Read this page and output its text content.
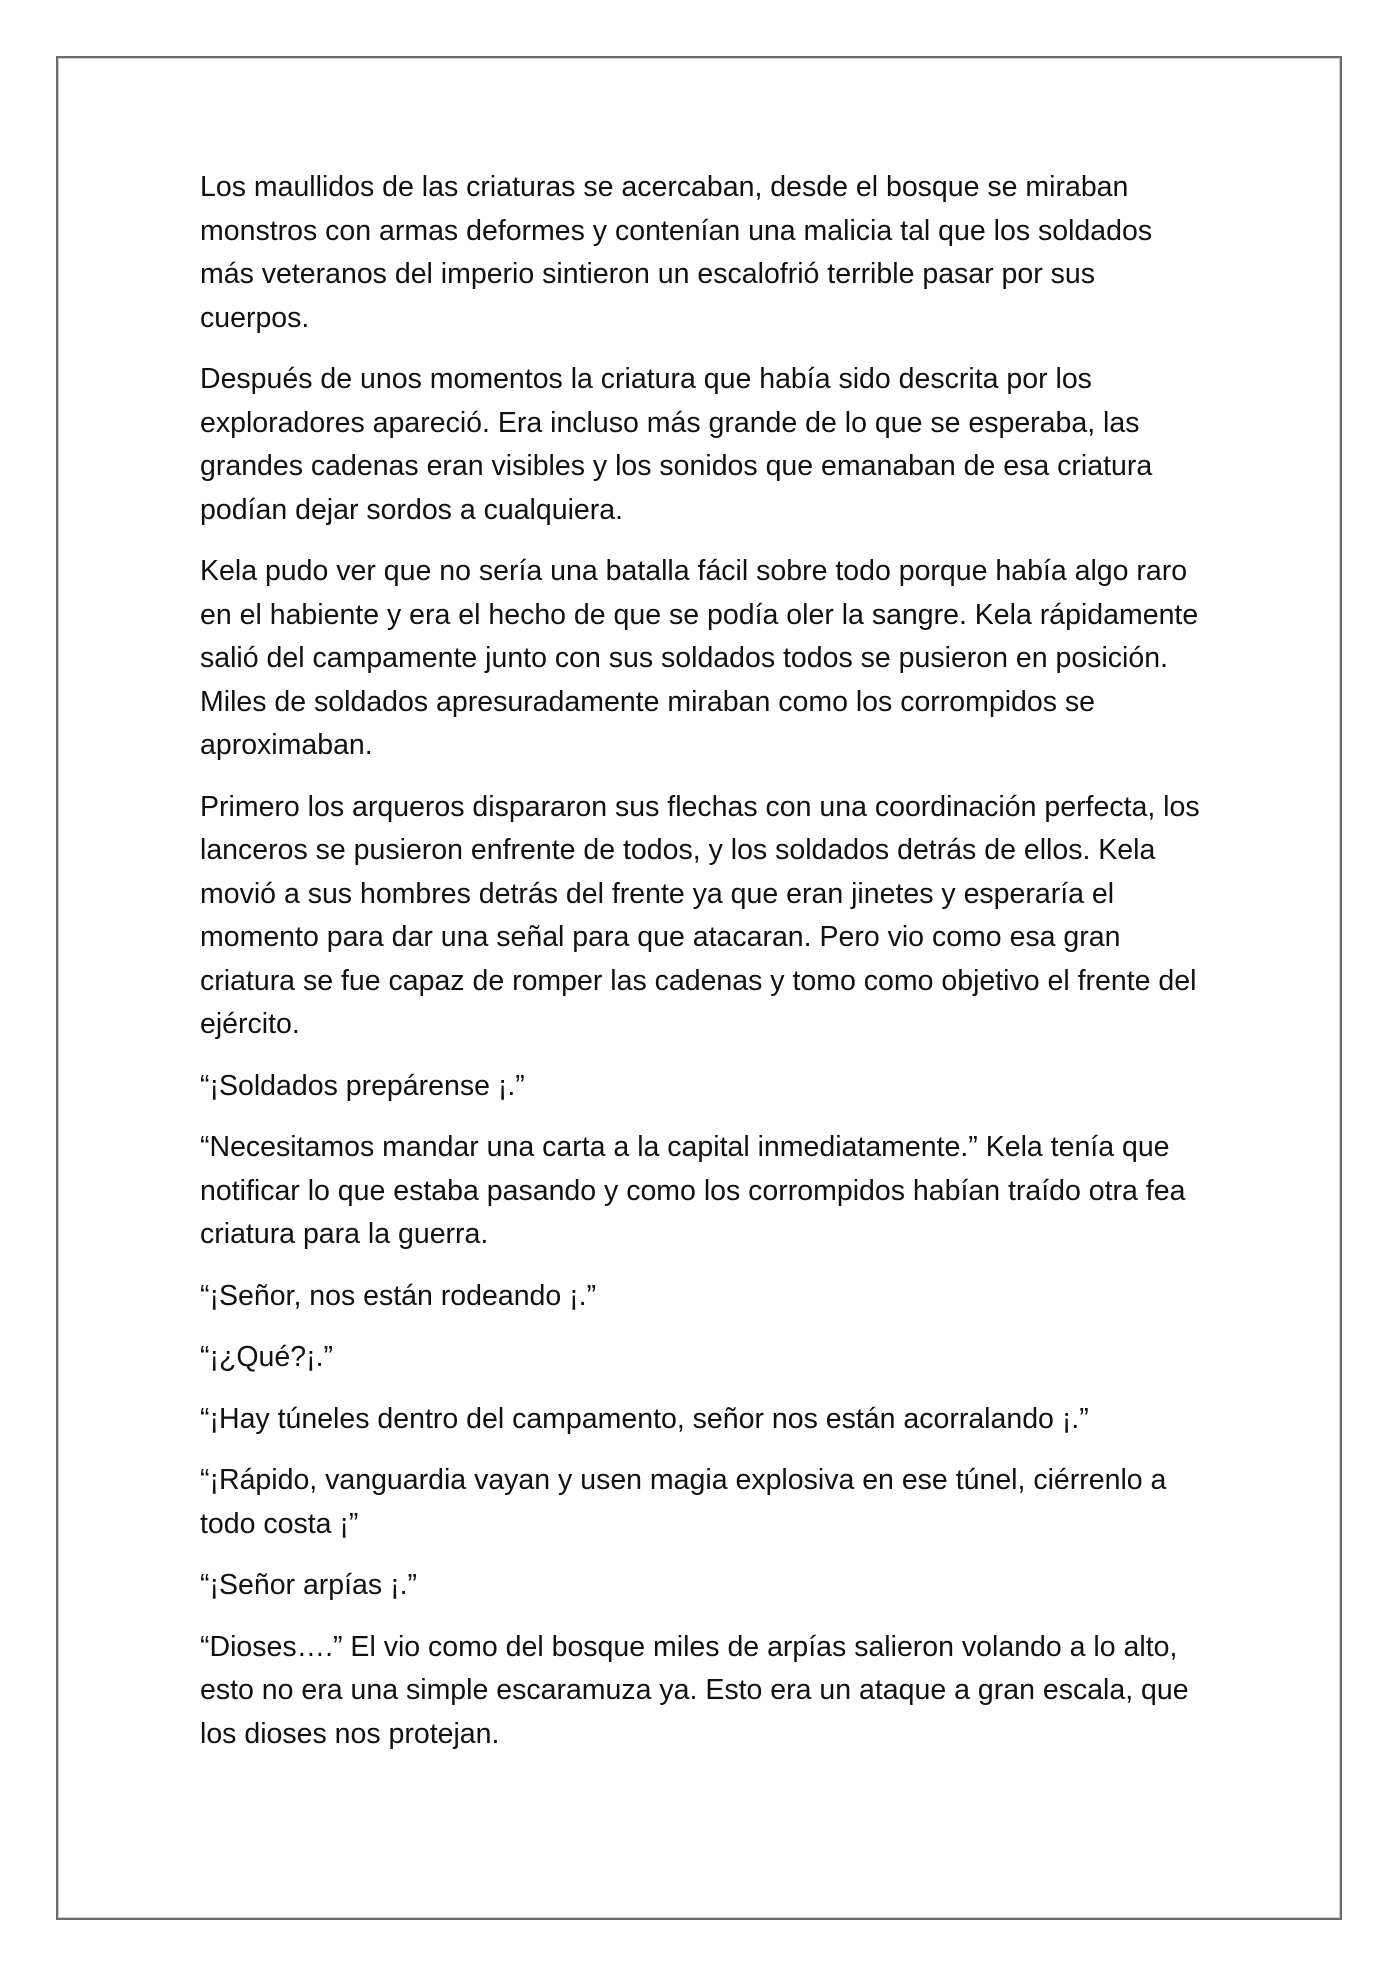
Los maullidos de las criaturas se acercaban, desde el bosque se miraban monstros con armas deformes y contenían una malicia tal que los soldados más veteranos del imperio sintieron un escalofrió terrible pasar por sus cuerpos.

Después de unos momentos la criatura que había sido descrita por los exploradores apareció. Era incluso más grande de lo que se esperaba, las grandes cadenas eran visibles y los sonidos que emanaban de esa criatura podían dejar sordos a cualquiera.

Kela pudo ver que no sería una batalla fácil sobre todo porque había algo raro en el habiente y era el hecho de que se podía oler la sangre. Kela rápidamente salió del campamente junto con sus soldados todos se pusieron en posición. Miles de soldados apresuradamente miraban como los corrompidos se aproximaban.

Primero los arqueros dispararon sus flechas con una coordinación perfecta, los lanceros se pusieron enfrente de todos, y los soldados detrás de ellos. Kela movió a sus hombres detrás del frente ya que eran jinetes y esperaría el momento para dar una señal para que atacaran. Pero vio como esa gran criatura se fue capaz de romper las cadenas y tomo como objetivo el frente del ejército.

“¡Soldados prepárense ¡.”

“Necesitamos mandar una carta a la capital inmediatamente.” Kela tenía que notificar lo que estaba pasando y como los corrompidos habían traído otra fea criatura para la guerra.

“¡Señor, nos están rodeando ¡.”

“¡¿Qué?¡.”

“¡Hay túneles dentro del campamento, señor nos están acorralando ¡.”

“¡Rápido, vanguardia vayan y usen magia explosiva en ese túnel, ciérrenlo a todo costa ¡”

“¡Señor arpías ¡.”

“Dioses….” El vio como del bosque miles de arpías salieron volando a lo alto, esto no era una simple escaramuza ya. Esto era un ataque a gran escala, que los dioses nos protejan.
